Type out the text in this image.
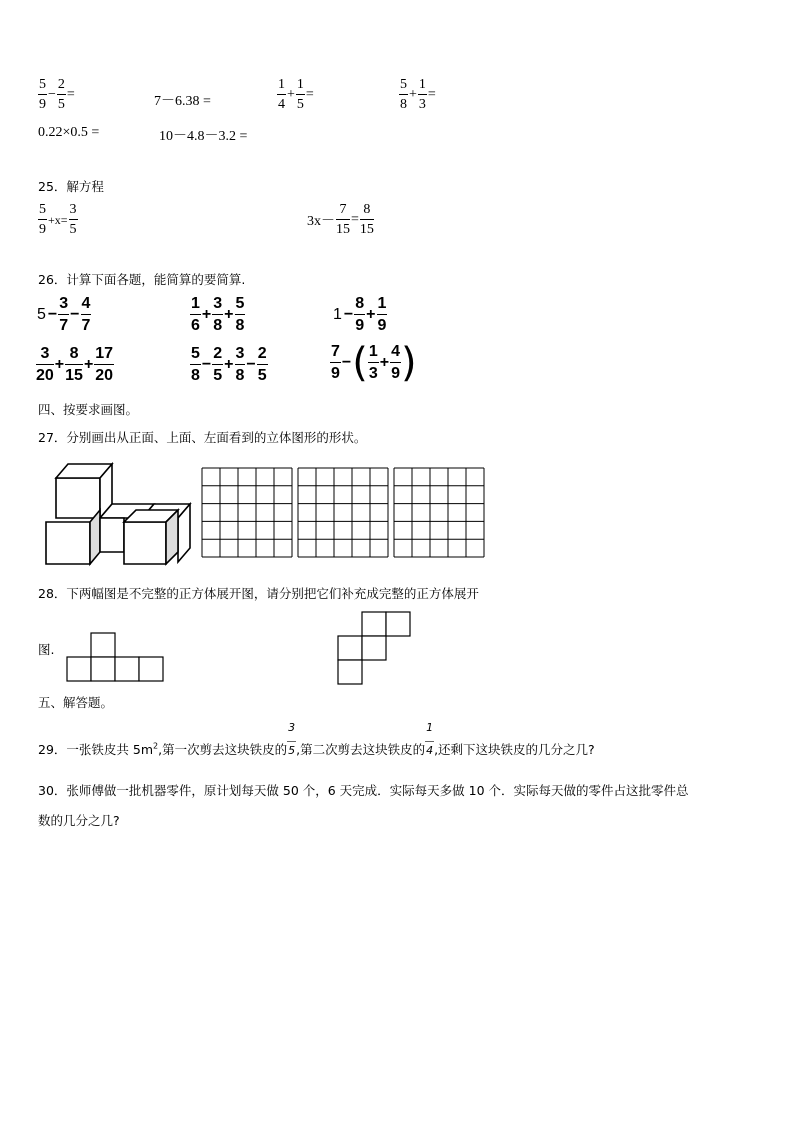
$\frac{5}{9} - \frac{2}{5}$ =	7－6.38 =	$\frac{1}{4} + \frac{1}{5}$ =	$\frac{5}{8} + \frac{1}{3}$ =
0.22×0.5 =	10－4.8－3.2 =
25．解方程
$\frac{5}{9} +x= \frac{3}{5}$	$3x- \frac{7}{15} = \frac{8}{15}$
26．计算下面各题，能简算的要简算.
$5 - \frac{3}{7} - \frac{4}{7}$	$\frac{1}{6} + \frac{3}{8} + \frac{5}{8}$	$1 - \frac{8}{9} + \frac{1}{9}$
$\frac{3}{20} + \frac{8}{15} + \frac{17}{20}$	$\frac{5}{8} - \frac{2}{5} + \frac{3}{8} - \frac{2}{5}$	$\frac{7}{9}$ −( $\frac{1}{3} + \frac{4}{9}$ )
四、按要求画图。
27．分别画出从正面、上面、左面看到的立体图形的形状。
28．下两幅图是不完整的正方体展开图，请分别把它们补充成完整的正方体展开
图.
五、解答题。
29．一张铁皮共 $5m^2$,第一次剪去这块铁皮的 $\frac{3}{5}$ ,第二次剪去这块铁皮的 $\frac{1}{4}$ ,还剩下这块铁皮的几分之几?
30．张师傅做一批机器零件，原计划每天做 50 个，6 天完成．实际每天多做 10 个．实际每天做的零件占这批零件总
数的几分之几?
